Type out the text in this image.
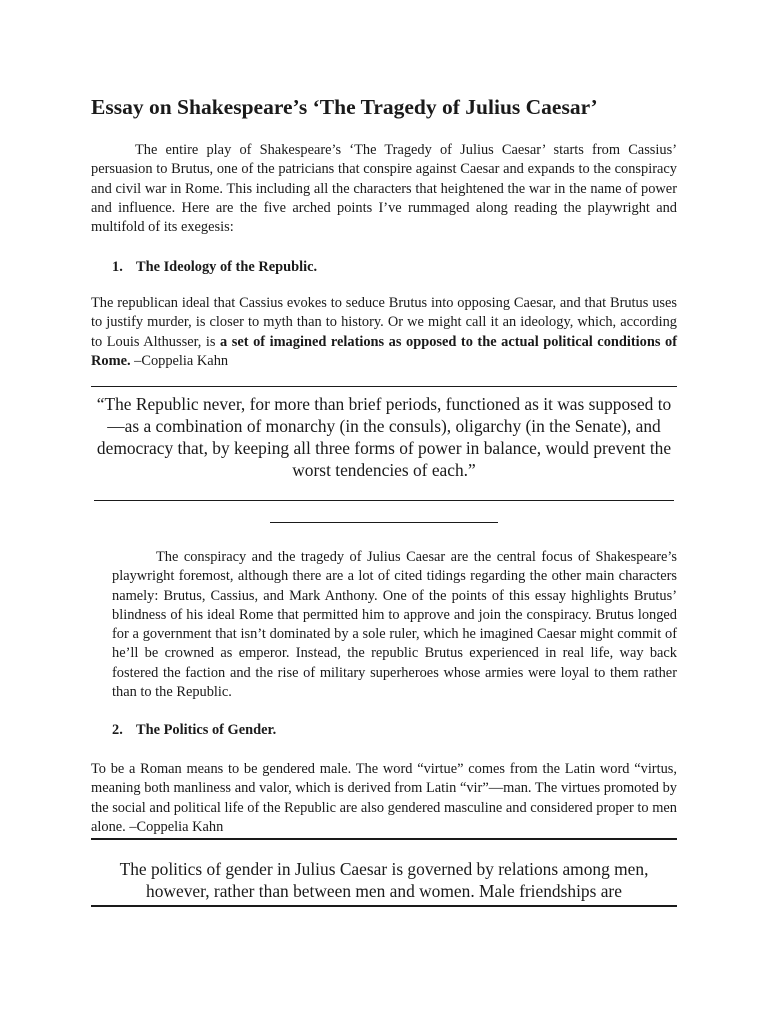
Essay on Shakespeare’s ‘The Tragedy of Julius Caesar’

The entire play of Shakespeare’s ‘The Tragedy of Julius Caesar’ starts from Cassius’ persuasion to Brutus, one of the patricians that conspire against Caesar and expands to the conspiracy and civil war in Rome. This including all the characters that heightened the war in the name of power and influence. Here are the five arched points I’ve rummaged along reading the playwright and multifold of its exegesis:

1. The Ideology of the Republic.

The republican ideal that Cassius evokes to seduce Brutus into opposing Caesar, and that Brutus uses to justify murder, is closer to myth than to history. Or we might call it an ideology, which, according to Louis Althusser, is a set of imagined relations as opposed to the actual political conditions of Rome. –Coppelia Kahn

“The Republic never, for more than brief periods, functioned as it was supposed to —as a combination of monarchy (in the consuls), oligarchy (in the Senate), and democracy that, by keeping all three forms of power in balance, would prevent the worst tendencies of each.”

The conspiracy and the tragedy of Julius Caesar are the central focus of Shakespeare’s playwright foremost, although there are a lot of cited tidings regarding the other main characters namely: Brutus, Cassius, and Mark Anthony. One of the points of this essay highlights Brutus’ blindness of his ideal Rome that permitted him to approve and join the conspiracy. Brutus longed for a government that isn’t dominated by a sole ruler, which he imagined Caesar might commit of he’ll be crowned as emperor. Instead, the republic Brutus experienced in real life, way back fostered the faction and the rise of military superheroes whose armies were loyal to them rather than to the Republic.

2. The Politics of Gender.

To be a Roman means to be gendered male. The word “virtue” comes from the Latin word “virtus, meaning both manliness and valor, which is derived from Latin “vir”—man. The virtues promoted by the social and political life of the Republic are also gendered masculine and considered proper to men alone. –Coppelia Kahn

The politics of gender in Julius Caesar is governed by relations among men, however, rather than between men and women. Male friendships are
